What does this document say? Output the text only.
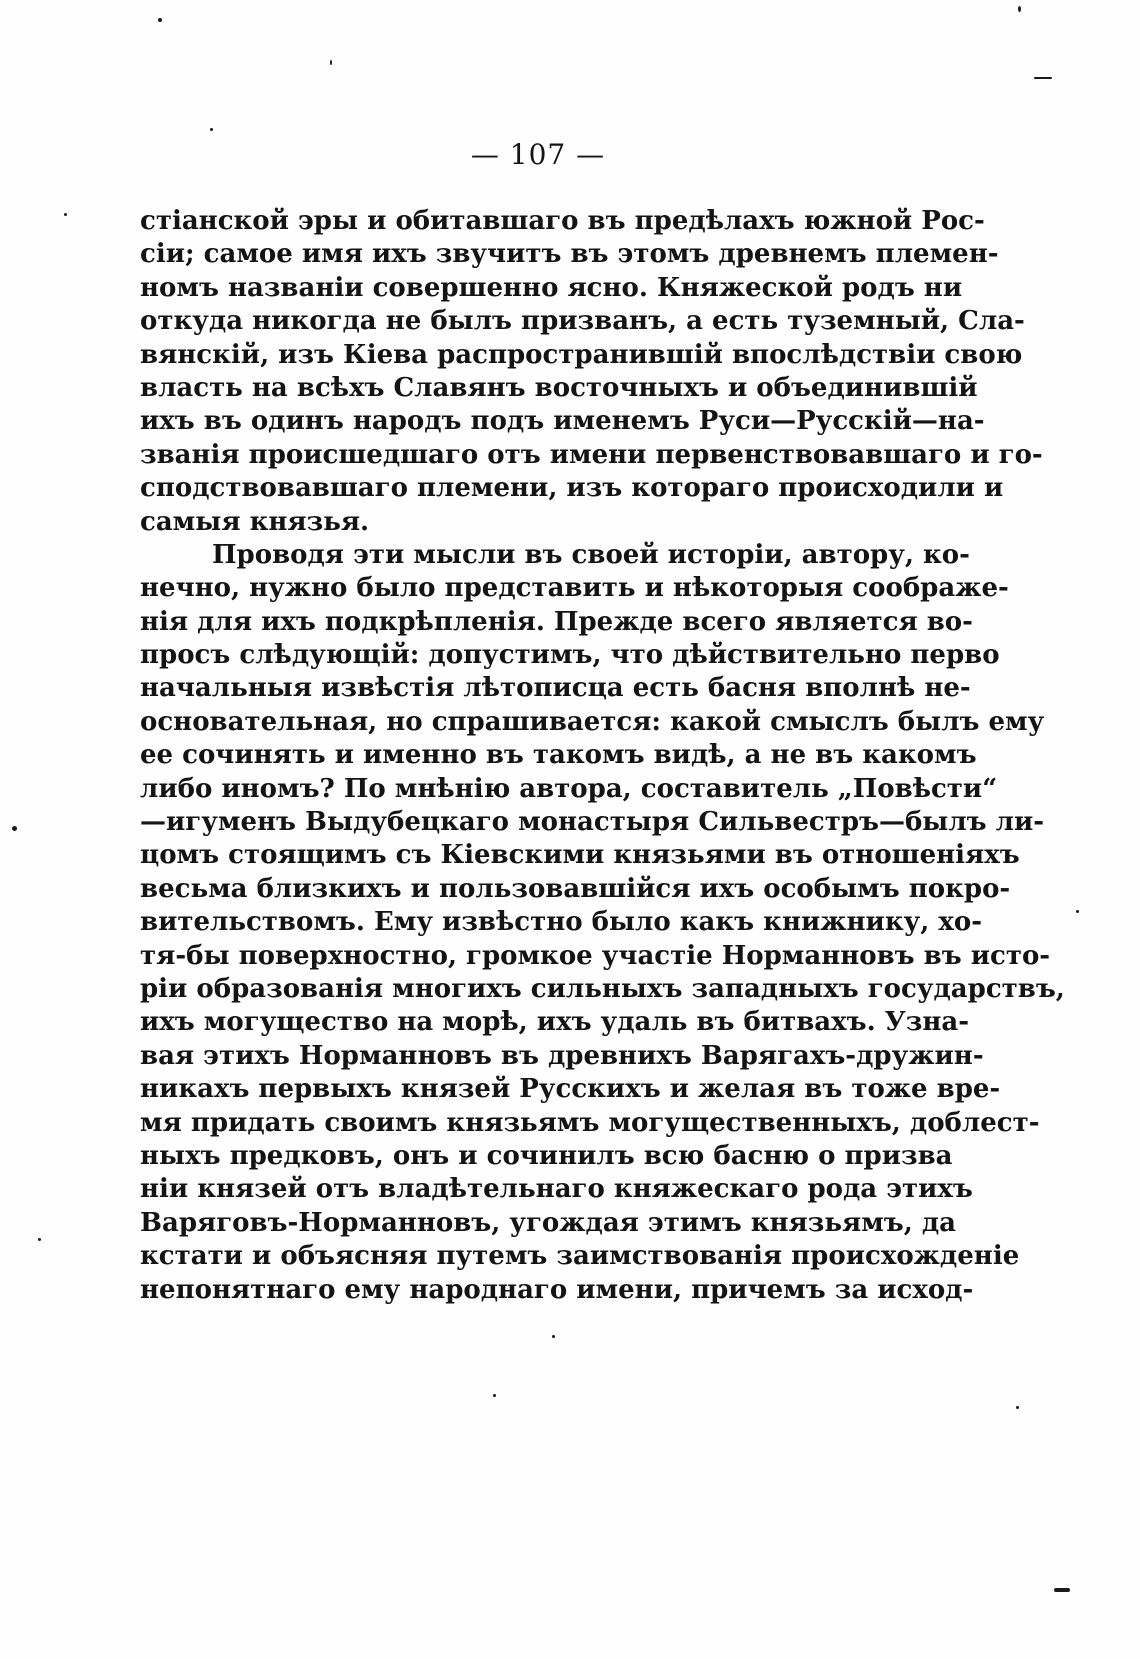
— 107 —
стіанской эры и обитавшаго въ предѣлахъ южной Рос-
сіи; самое имя ихъ звучитъ въ этомъ древнемъ племен-
номъ названіи совершенно ясно. Княжеской родъ ни
откуда никогда не былъ призванъ, а есть туземный, Сла-
вянскій, изъ Кіева распространившій впослѣдствіи свою
власть на всѣхъ Славянъ восточныхъ и объединившій
ихъ въ одинъ народъ подъ именемъ Руси—Русскій—на-
званія происшедшаго отъ имени первенствовавшаго и го-
сподствовавшаго племени, изъ котораго происходили и
самыя князья.
Проводя эти мысли въ своей исторіи, автору, ко-
нечно, нужно было представить и нѣкоторыя соображе-
нія для ихъ подкрѣпленія. Прежде всего является во-
просъ слѣдующій: допустимъ, что дѣйствительно перво
начальныя извѣстія лѣтописца есть басня вполнѣ не-
основательная, но спрашивается: какой смыслъ былъ ему
ее сочинять и именно въ такомъ видѣ, а не въ какомъ
либо иномъ? По мнѣнію автора, составитель „Повѣсти“
—игуменъ Выдубецкаго монастыря Сильвестръ—былъ ли-
цомъ стоящимъ съ Кіевскими князьями въ отношеніяхъ
весьма близкихъ и пользовавшійся ихъ особымъ покро-
вительствомъ. Ему извѣстно было какъ книжнику, хо-
тя-бы поверхностно, громкое участіе Норманновъ въ исто-
ріи образованія многихъ сильныхъ западныхъ государствъ,
ихъ могущество на морѣ, ихъ удаль въ битвахъ. Узна-
вая этихъ Норманновъ въ древнихъ Варягахъ-дружин-
никахъ первыхъ князей Русскихъ и желая въ тоже вре-
мя придать своимъ князьямъ могущественныхъ, доблест-
ныхъ предковъ, онъ и сочинилъ всю басню о призва
ніи князей отъ владѣтельнаго княжескаго рода этихъ
Варяговъ-Норманновъ, угождая этимъ князьямъ, да
кстати и объясняя путемъ заимствованія происхожденіе
непонятнаго ему народнаго имени, причемъ за исход-
